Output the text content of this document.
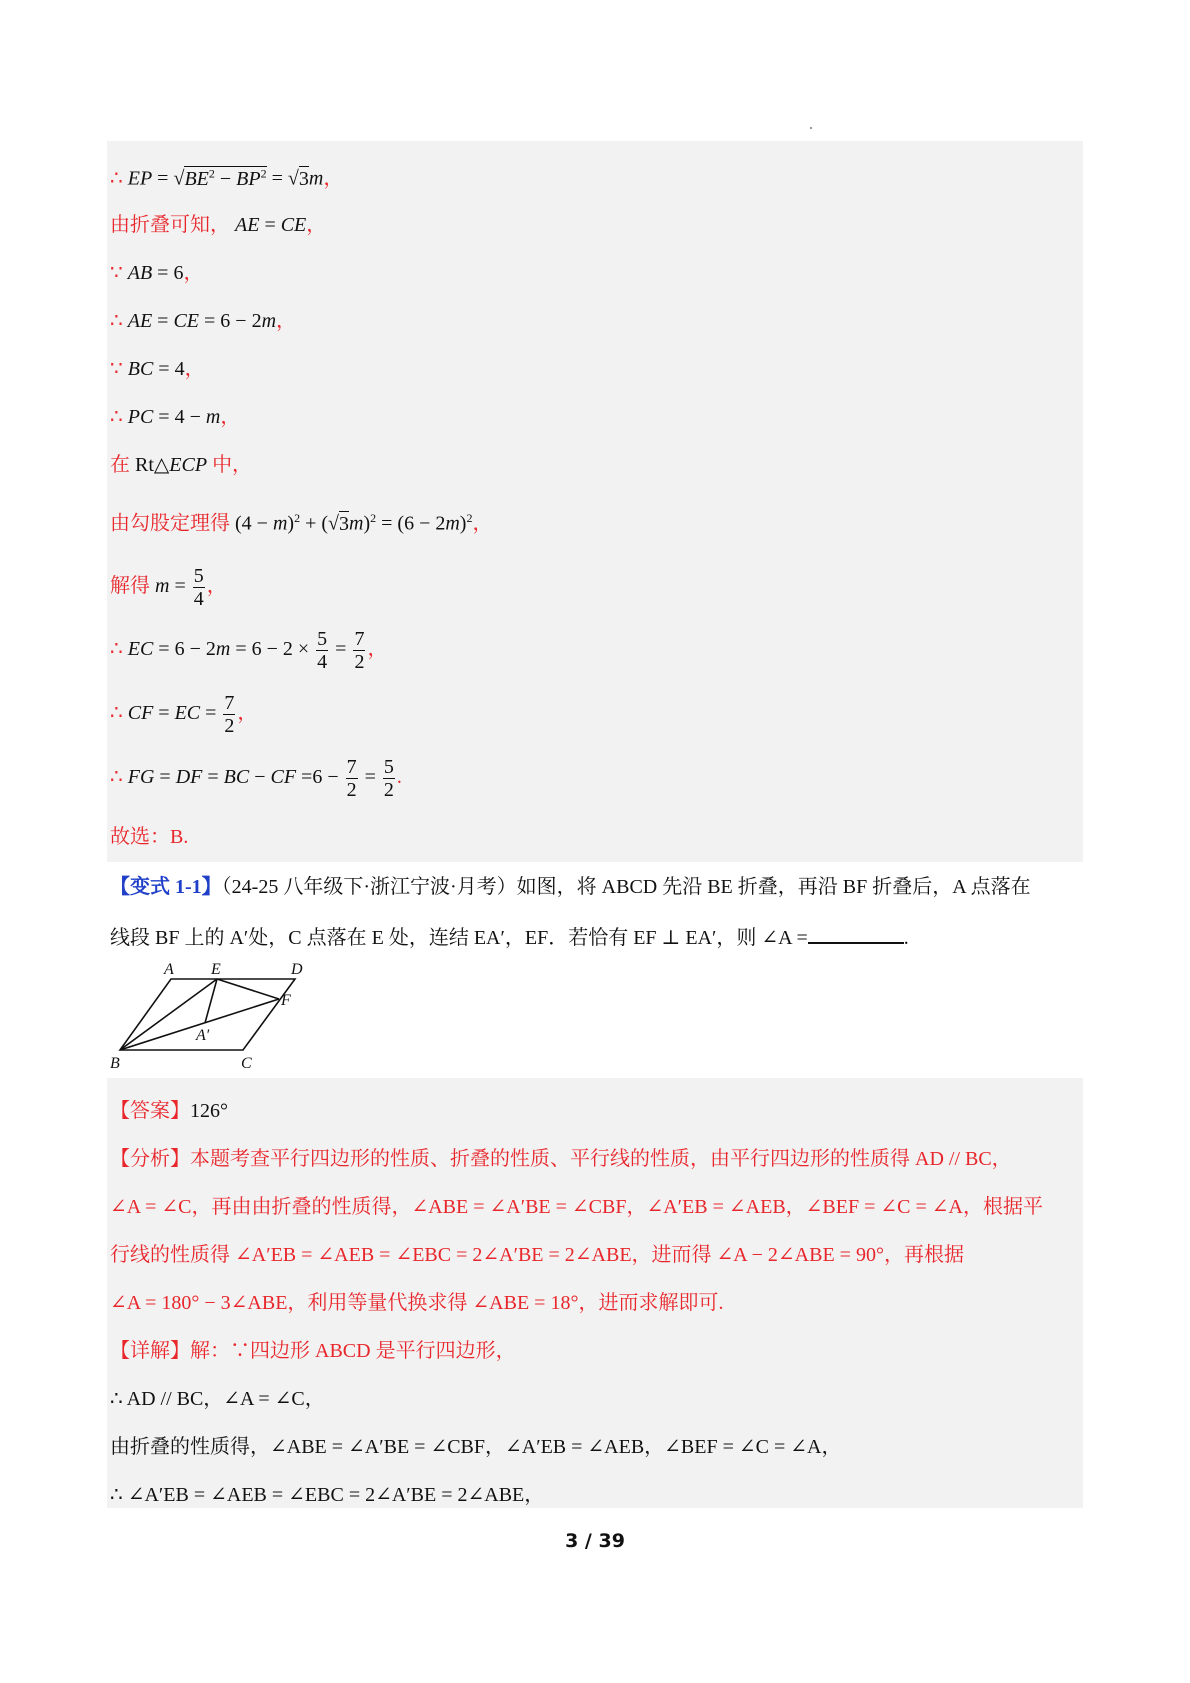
∴ EP = $√BE^2 - BP^2 = √3m$，
由折叠可知， AE = CE，
∵ AB = 6，
∴ AE = CE = 6 − 2m，
∵ BC = 4，
∴ PC = 4 − m，
在 Rt△ECP 中，
由勾股定理得 $(4 - m)^2 + (√3m)^2 = (6 - 2m)^2$，
解得 $m = \frac{5}{4}$ ，
∴ EC = $6 - 2m = 6 - 2 \times \frac{5}{4} = \frac{7}{2}$ ，
∴ CF = EC = $\frac{7}{2}$ ，
∴ FG = DF = BC − CF $=6 - \frac{7}{2} = \frac{5}{2}$ .
故选：B.
【变式 1-1】（24-25 八年级下·浙江宁波·月考）如图，将 ABCD 先沿 BE 折叠，再沿 BF 折叠后，A 点落在
线段 BF 上的 A′处，C 点落在 E 处，连结 EA′，EF．若恰有 EF ⊥ EA′，则 ∠A =	.
A E	D
F
A′
B	C
【答案】126°
【分析】本题考查平行四边形的性质、折叠的性质、平行线的性质，由平行四边形的性质得 AD // BC，
∠A = ∠C，再由由折叠的性质得，∠ABE = ∠A′BE = ∠CBF，∠A′EB = ∠AEB，∠BEF = ∠C = ∠A，根据平
行线的性质得 ∠A′EB = ∠AEB = ∠EBC = 2∠A′BE = 2∠ABE，进而得 ∠A − 2∠ABE = 90°，再根据
∠A = 180° − 3∠ABE，利用等量代换求得 ∠ABE = 18°，进而求解即可.
【详解】解：∵四边形 ABCD 是平行四边形，
∴ AD // BC，∠A = ∠C，
由折叠的性质得，∠ABE = ∠A′BE = ∠CBF，∠A′EB = ∠AEB，∠BEF = ∠C = ∠A，
∴ ∠A′EB = ∠AEB = ∠EBC = 2∠A′BE = 2∠ABE，
3 / 39
